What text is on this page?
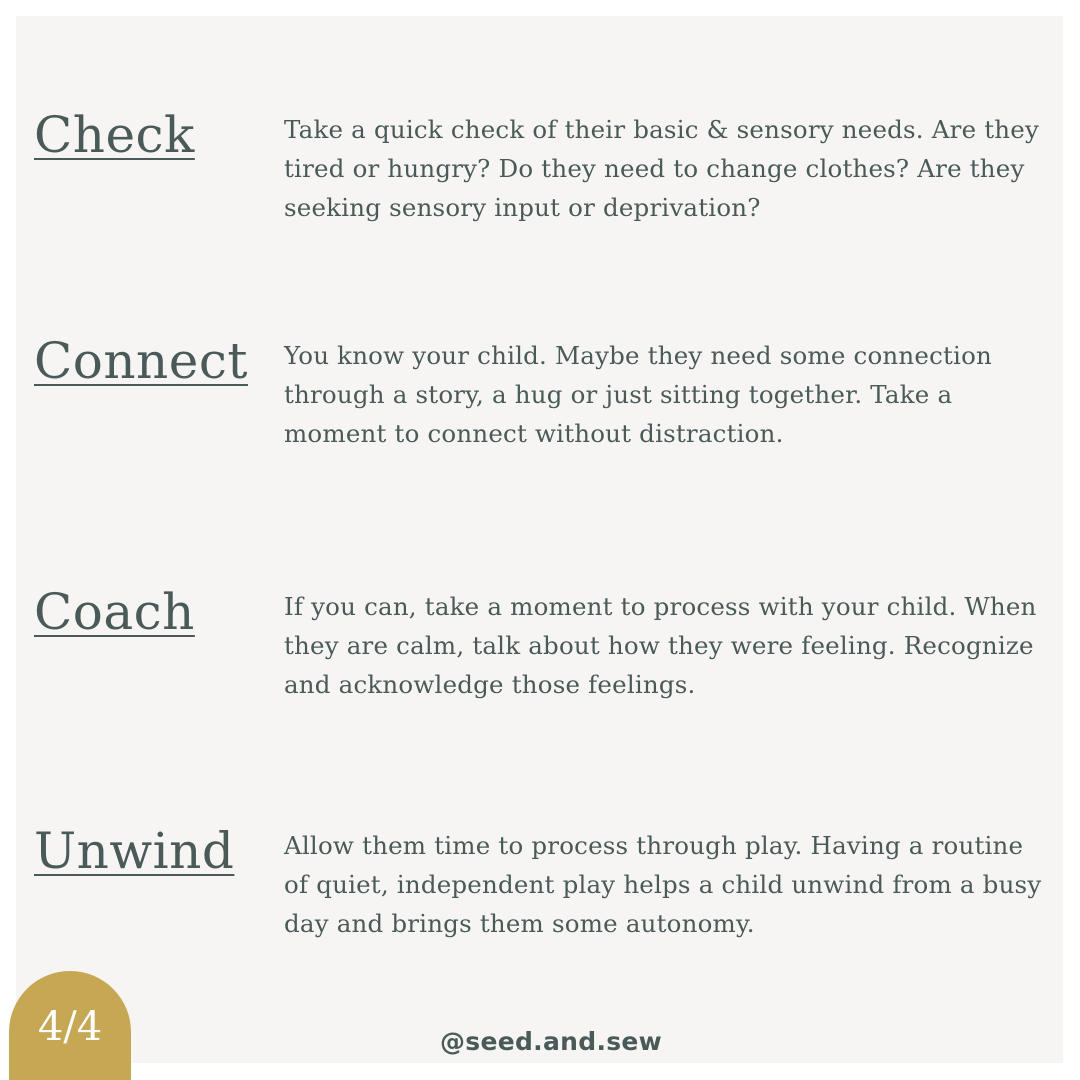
Check	Take a quick check of their basic & sensory needs. Are they tired or hungry? Do they need to change clothes? Are they seeking sensory input or deprivation?

Connect You know your child. Maybe they need some connection through a story, a hug or just sitting together. Take a moment to connect without distraction.

Coach	If you can, take a moment to process with your child. When they are calm, talk about how they were feeling. Recognize and acknowledge those feelings.

Unwind Allow them time to process through play. Having a routine of quiet, independent play helps a child unwind from a busy day and brings them some autonomy.

4/4	@seed.and.sew
